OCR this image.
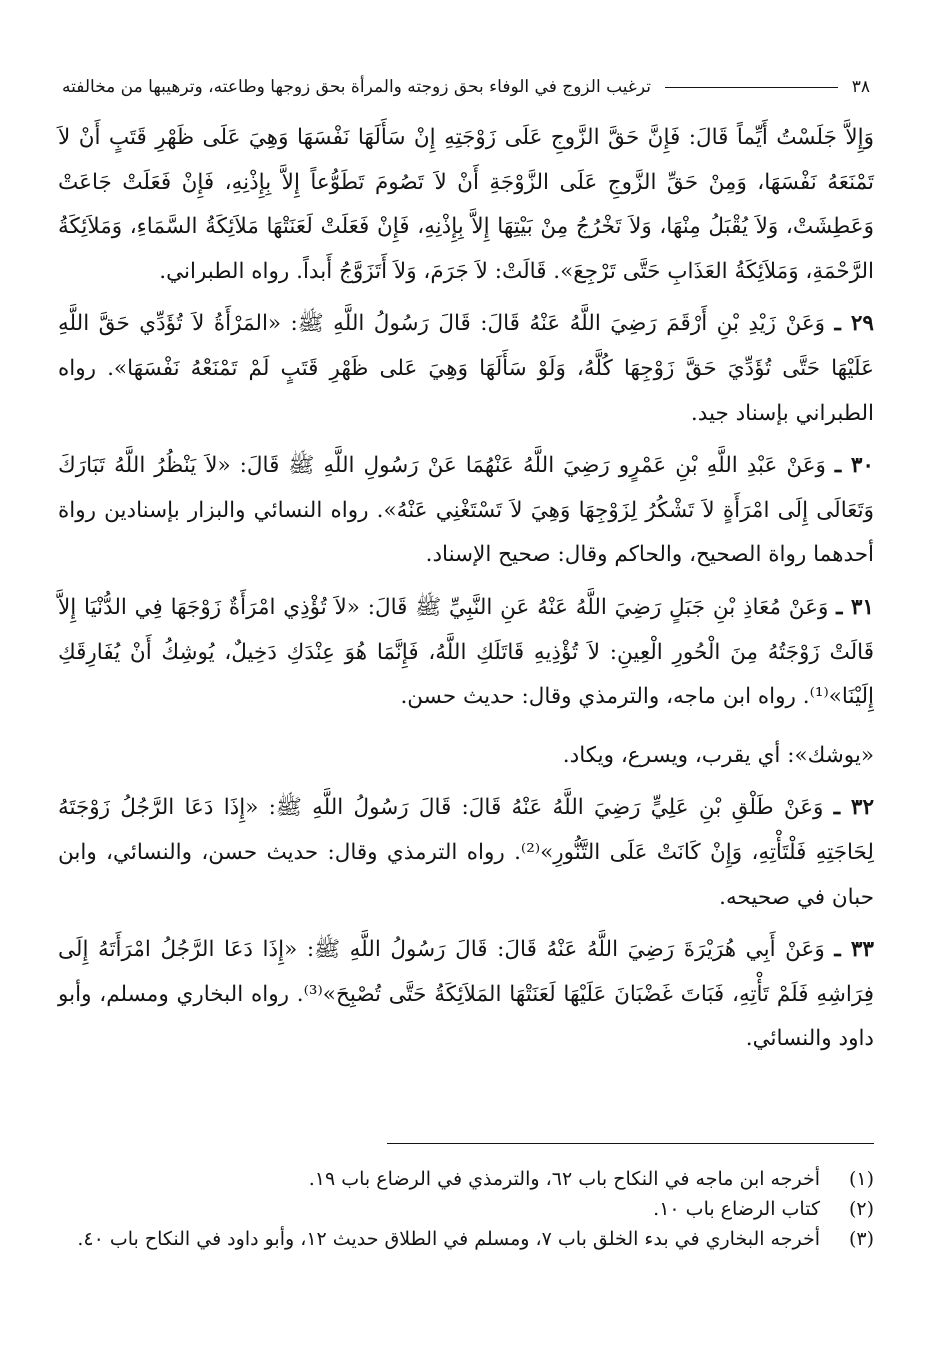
٣٨
ترغيب الزوج في الوفاء بحق زوجته والمرأة بحق زوجها وطاعته، وترهيبها من مخالفته

وَإِلاَّ جَلَسْتُ أَيِّماً قَالَ: فَإِنَّ حَقَّ الزَّوجِ عَلَى زَوْجَتِهِ إِنْ سَأَلَهَا نَفْسَهَا وَهِيَ عَلَى ظَهْرِ قَتَبٍ أَنْ لاَ تَمْنَعَهُ نَفْسَهَا، وَمِنْ حَقِّ الزَّوجِ عَلَى الزَّوْجَةِ أَنْ لاَ تَصُومَ تَطَوُّعاً إِلاَّ بِإِذْنِهِ، فَإِنْ فَعَلَتْ جَاعَتْ وَعَطِشَتْ، وَلاَ يُقْبَلُ مِنْهَا، وَلاَ تَخْرُجُ مِنْ بَيْتِهَا إِلاَّ بِإِذْنِهِ، فَإِنْ فَعَلَتْ لَعَنَتْهَا مَلاَئِكَةُ السَّمَاءِ، وَمَلاَئِكَةُ الرَّحْمَةِ، وَمَلاَئِكَةُ العَذَابِ حَتَّى تَرْجِعَ». قَالَتْ: لاَ جَرَمَ، وَلاَ أَتَزَوَّجُ أَبداً. رواه الطبراني.

٢٩ ـ وَعَنْ زَيْدِ بْنِ أَرْقَمَ رَضِيَ اللَّهُ عَنْهُ قَالَ: قَالَ رَسُولُ اللَّهِ ﷺ: «المَرْأَةُ لاَ تُؤَدِّي حَقَّ اللَّهِ عَلَيْهَا حَتَّى تُؤَدِّيَ حَقَّ زَوْجِهَا كُلَّهُ، وَلَوْ سَأَلَهَا وَهِيَ عَلى ظَهْرِ قَتَبٍ لَمْ تَمْنَعْهُ نَفْسَهَا». رواه الطبراني بإسناد جيد.

٣٠ ـ وَعَنْ عَبْدِ اللَّهِ بْنِ عَمْرٍو رَضِيَ اللَّهُ عَنْهُمَا عَنْ رَسُولِ اللَّهِ ﷺ قَالَ: «لاَ يَنْظُرُ اللَّهُ تَبَارَكَ وَتَعَالَى إِلَى امْرَأَةٍ لاَ تَشْكُرُ لِزَوْجِهَا وَهِيَ لاَ تَسْتَغْنِي عَنْهُ». رواه النسائي والبزار بإسنادين رواة أحدهما رواة الصحيح، والحاكم وقال: صحيح الإسناد.

٣١ ـ وَعَنْ مُعَاذِ بْنِ جَبَلٍ رَضِيَ اللَّهُ عَنْهُ عَنِ النَّبِيِّ ﷺ قَالَ: «لاَ تُؤْذِي امْرَأَةٌ زَوْجَهَا فِي الدُّنْيَا إِلاَّ قَالَتْ زَوْجَتُهُ مِنَ الْحُورِ الْعِينِ: لاَ تُؤْذِيهِ قَاتَلَكِ اللَّهُ، فَإِنَّمَا هُوَ عِنْدَكِ دَخِيلٌ، يُوشِكُ أَنْ يُفَارِقَكِ إِلَيْنَا»⁽¹⁾. رواه ابن ماجه، والترمذي وقال: حديث حسن.

«يوشك»: أي يقرب، ويسرع، ويكاد.

٣٢ ـ وَعَنْ طَلْقِ بْنِ عَلِيٍّ رَضِيَ اللَّهُ عَنْهُ قَالَ: قَالَ رَسُولُ اللَّهِ ﷺ: «إِذَا دَعَا الرَّجُلُ زَوْجَتَهُ لِحَاجَتِهِ فَلْتَأْتِهِ، وَإِنْ كَانَتْ عَلَى التَّنُّورِ»⁽²⁾. رواه الترمذي وقال: حديث حسن، والنسائي، وابن حبان في صحيحه.

٣٣ ـ وَعَنْ أَبِي هُرَيْرَةَ رَضِيَ اللَّهُ عَنْهُ قَالَ: قَالَ رَسُولُ اللَّهِ ﷺ: «إِذَا دَعَا الرَّجُلُ امْرَأَتَهُ إِلَى فِرَاشِهِ فَلَمْ تَأْتِهِ، فَبَاتَ غَضْبَانَ عَلَيْهَا لَعَنَتْهَا المَلاَئِكَةُ حَتَّى تُصْبِحَ»⁽³⁾. رواه البخاري ومسلم، وأبو داود والنسائي.

(١)
أخرجه ابن ماجه في النكاح باب ٦٢، والترمذي في الرضاع باب ١٩.
(٢)
كتاب الرضاع باب ١٠.
(٣)
أخرجه البخاري في بدء الخلق باب ٧، ومسلم في الطلاق حديث ١٢، وأبو داود في النكاح باب ٤٠.
